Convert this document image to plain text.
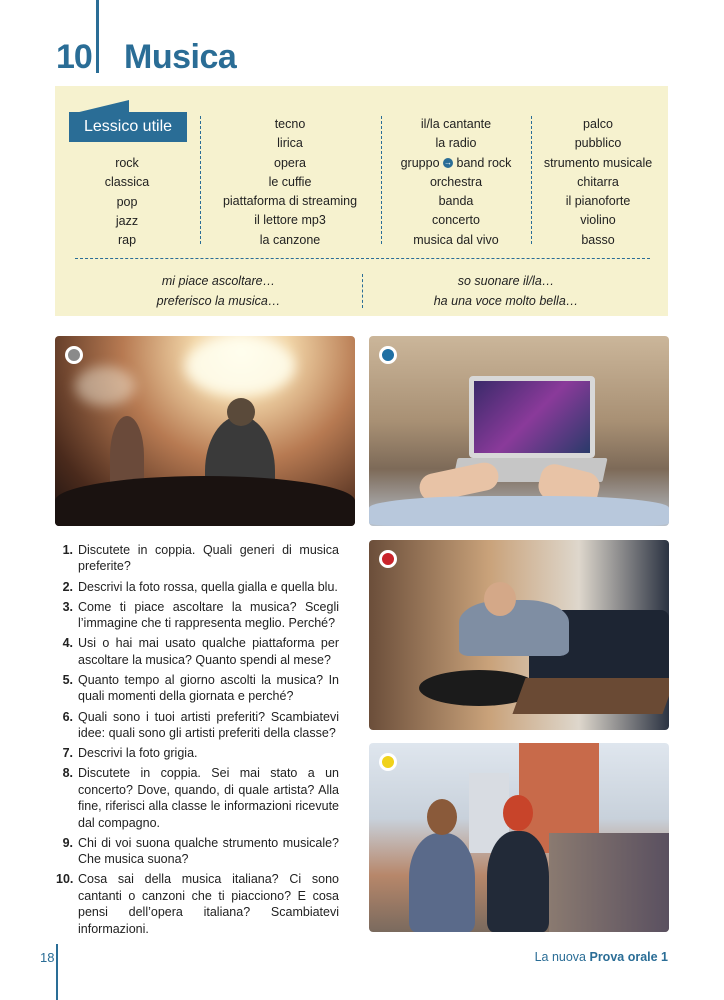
10 Musica
Lessico utile
rock
classica
pop
jazz
rap
tecno
lirica
opera
le cuffie
piattaforma di streaming
il lettore mp3
la canzone
il/la cantante
la radio
gruppo → band rock
orchestra
banda
concerto
musica dal vivo
palco
pubblico
strumento musicale
chitarra
il pianoforte
violino
basso
mi piace ascoltare…
preferisco la musica…
so suonare il/la…
ha una voce molto bella…
1. Discutete in coppia. Quali generi di musica preferite?
2. Descrivi la foto rossa, quella gialla e quella blu.
3. Come ti piace ascoltare la musica? Scegli l’immagine che ti rappresenta meglio. Perché?
4. Usi o hai mai usato qualche piattaforma per ascoltare la musica? Quanto spendi al mese?
5. Quanto tempo al giorno ascolti la musica? In quali momenti della giornata e perché?
6. Quali sono i tuoi artisti preferiti? Scambiatevi idee: quali sono gli artisti preferiti della classe?
7. Descrivi la foto grigia.
8. Discutete in coppia. Sei mai stato a un concerto? Dove, quando, di quale artista? Alla fine, riferisci alla classe le informazioni ricevute dal compagno.
9. Chi di voi suona qualche strumento musicale? Che musica suona?
10. Cosa sai della musica italiana? Ci sono cantanti o canzoni che ti piacciono? E cosa pensi dell’opera italiana? Scambiatevi informazioni.
18	La nuova Prova orale 1
